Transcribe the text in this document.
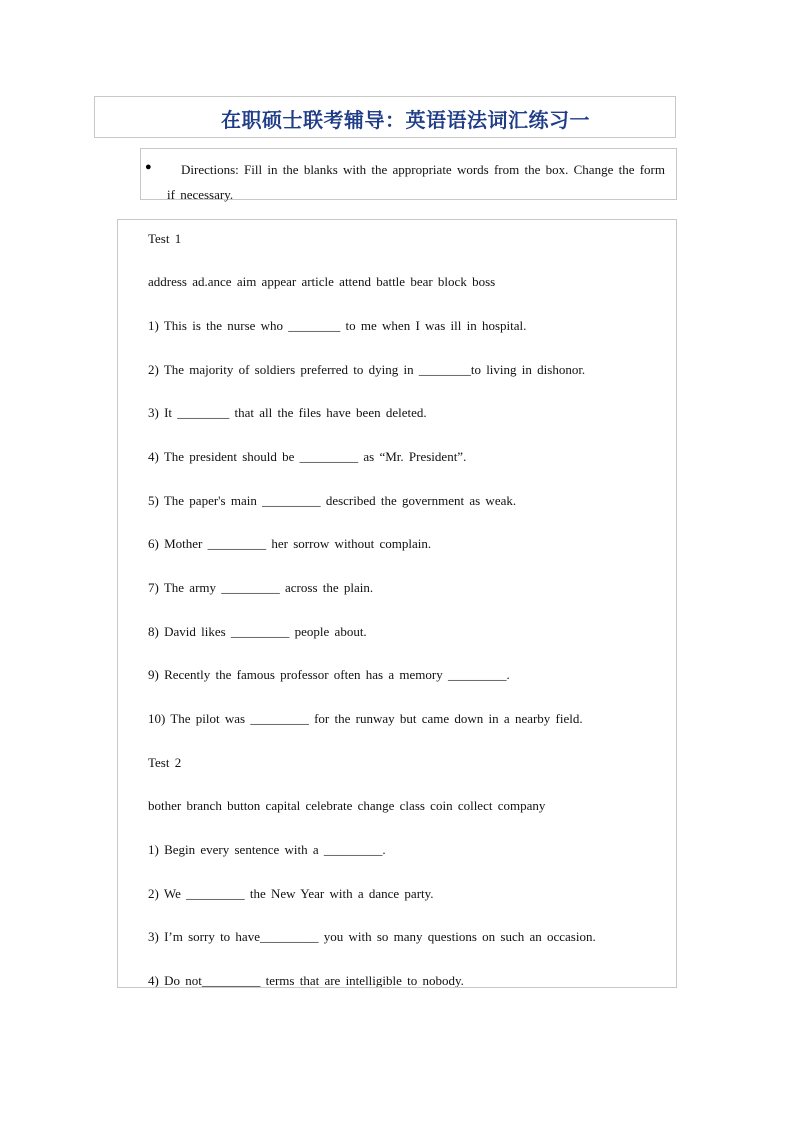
在职硕士联考辅导：英语语法词汇练习一
●	Directions: Fill in the blanks with the appropriate words from the box. Change the form if necessary.
Test 1
address ad.ance aim appear article attend battle bear block boss
1) This is the nurse who ________ to me when I was ill in hospital.
2) The majority of soldiers preferred to dying in ________to living in dishonor.
3) It ________ that all the files have been deleted.
4) The president should be _________ as “Mr. President”.
5) The paper's main _________ described the government as weak.
6) Mother _________ her sorrow without complain.
7) The army _________ across the plain.
8) David likes _________ people about.
9) Recently the famous professor often has a memory _________.
10) The pilot was _________ for the runway but came down in a nearby field.
Test 2
bother branch button capital celebrate change class coin collect company
1) Begin every sentence with a _________.
2) We _________ the New Year with a dance party.
3) I’m sorry to have_________ you with so many questions on such an occasion.
4) Do not_________ terms that are intelligible to nobody.
